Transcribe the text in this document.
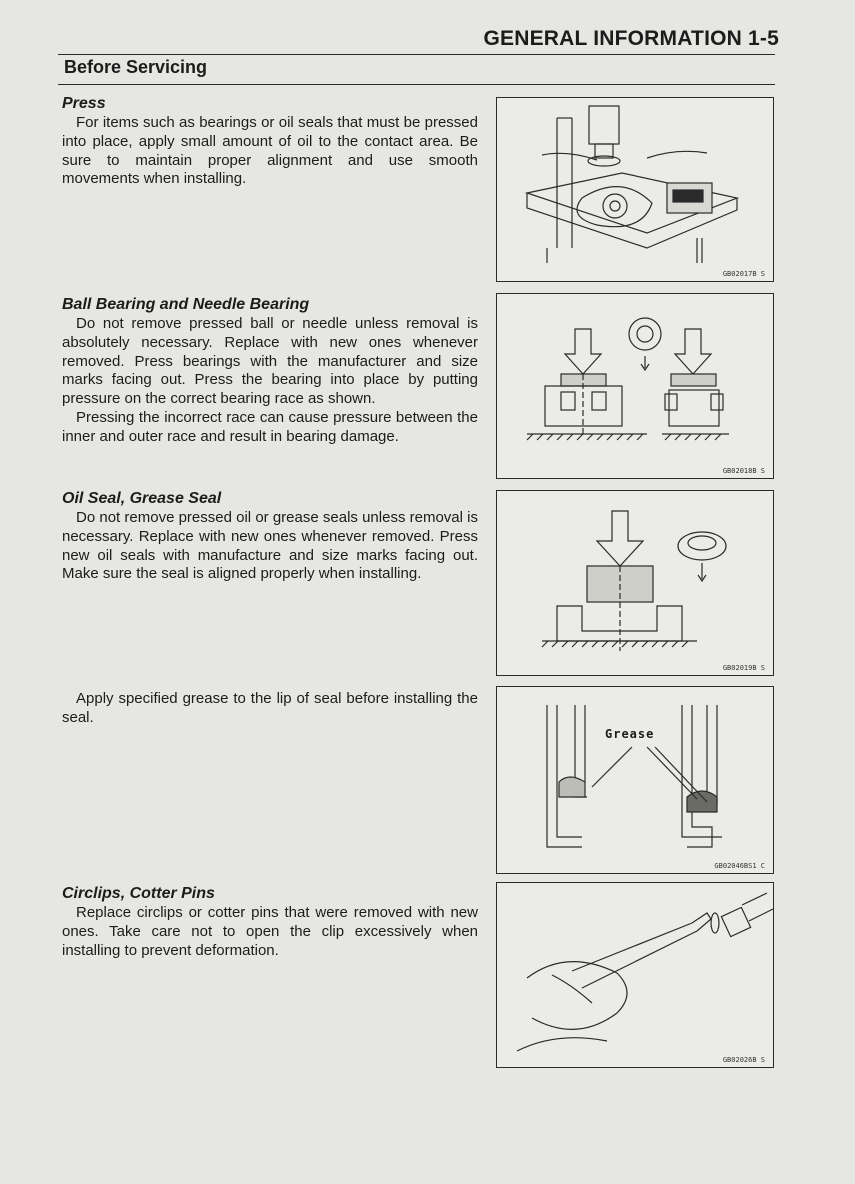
GENERAL INFORMATION 1-5
Before Servicing
Press

For items such as bearings or oil seals that must be pressed into place, apply small amount of oil to the contact area. Be sure to maintain proper alignment and use smooth movements when installing.

GB02017B S
Ball Bearing and Needle Bearing

Do not remove pressed ball or needle unless removal is absolutely necessary. Replace with new ones whenever removed. Press bearings with the manufacturer and size marks facing out. Press the bearing into place by putting pressure on the correct bearing race as shown.

Pressing the incorrect race can cause pressure between the inner and outer race and result in bearing damage.

GB02018B S
Oil Seal, Grease Seal

Do not remove pressed oil or grease seals unless removal is necessary. Replace with new ones whenever removed. Press new oil seals with manufacture and size marks facing out. Make sure the seal is aligned properly when installing.

GB02019B S

Apply specified grease to the lip of seal before installing the seal.

Grease
GB02046BS1 C
Circlips, Cotter Pins

Replace circlips or cotter pins that were removed with new ones. Take care not to open the clip excessively when installing to prevent deformation.

GB02026B S
